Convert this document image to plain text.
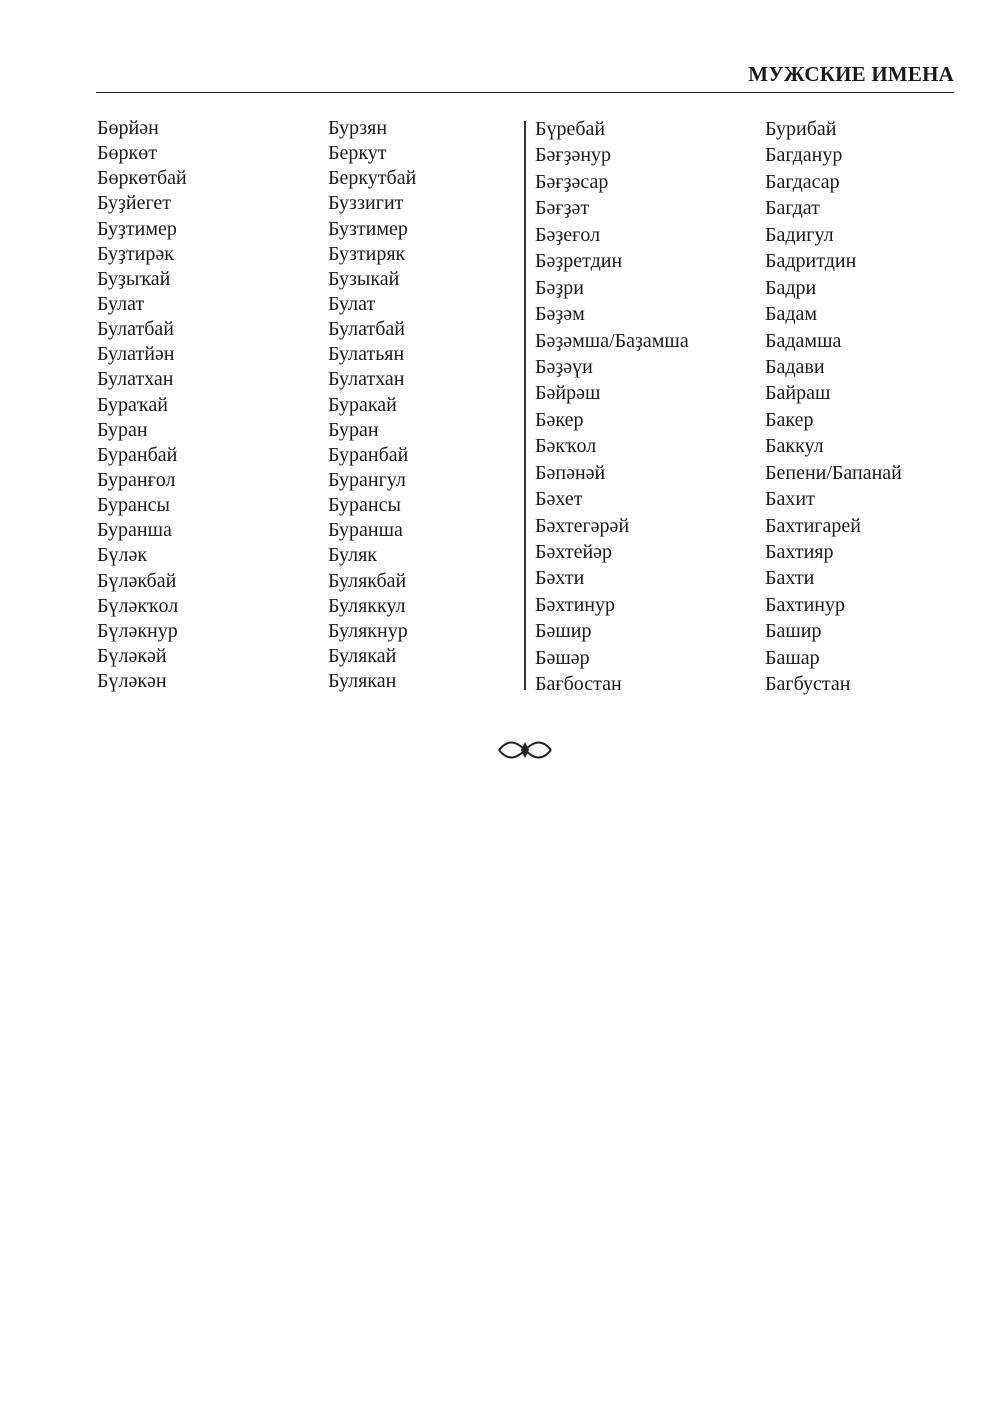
МУЖСКИЕ ИМЕНА
Бөрйән
Бөркөт
Бөркөтбай
Буҙйегет
Буҙтимер
Буҙтирәк
Буҙыҡай
Булат
Булатбай
Булатйән
Булатхан
Бураҡай
Буран
Буранбай
Буранғол
Бурансы
Буранша
Бүләк
Бүләкбай
Бүләкҡол
Бүләкнур
Бүләкәй
Бүләкән
Бурзян
Беркут
Беркутбай
Буззигит
Бузтимер
Бузтиряк
Бузыкай
Булат
Булатбай
Булатьян
Булатхан
Буракай
Буран
Буранбай
Бурангул
Бурансы
Буранша
Буляк
Булякбай
Буляккул
Булякнур
Булякай
Булякан
Бүребай
Бәғҙәнур
Бәғҙәсар
Бәғҙәт
Бәҙеғол
Бәҙретдин
Бәҙри
Бәҙәм
Бәҙәмша/Баҙамша
Бәҙәүи
Бәйрәш
Бәкер
Бәкҡол
Бәпәнәй
Бәхет
Бәхтегәрәй
Бәхтейәр
Бәхти
Бәхтинур
Бәшир
Бәшәр
Бағбостан
Бурибай
Багданур
Багдасар
Багдат
Бадигул
Бадритдин
Бадри
Бадам
Бадамша
Бадави
Байраш
Бакер
Баккул
Бепени/Бапанай
Бахит
Бахтигарей
Бахтияр
Бахти
Бахтинур
Башир
Башар
Багбустан
